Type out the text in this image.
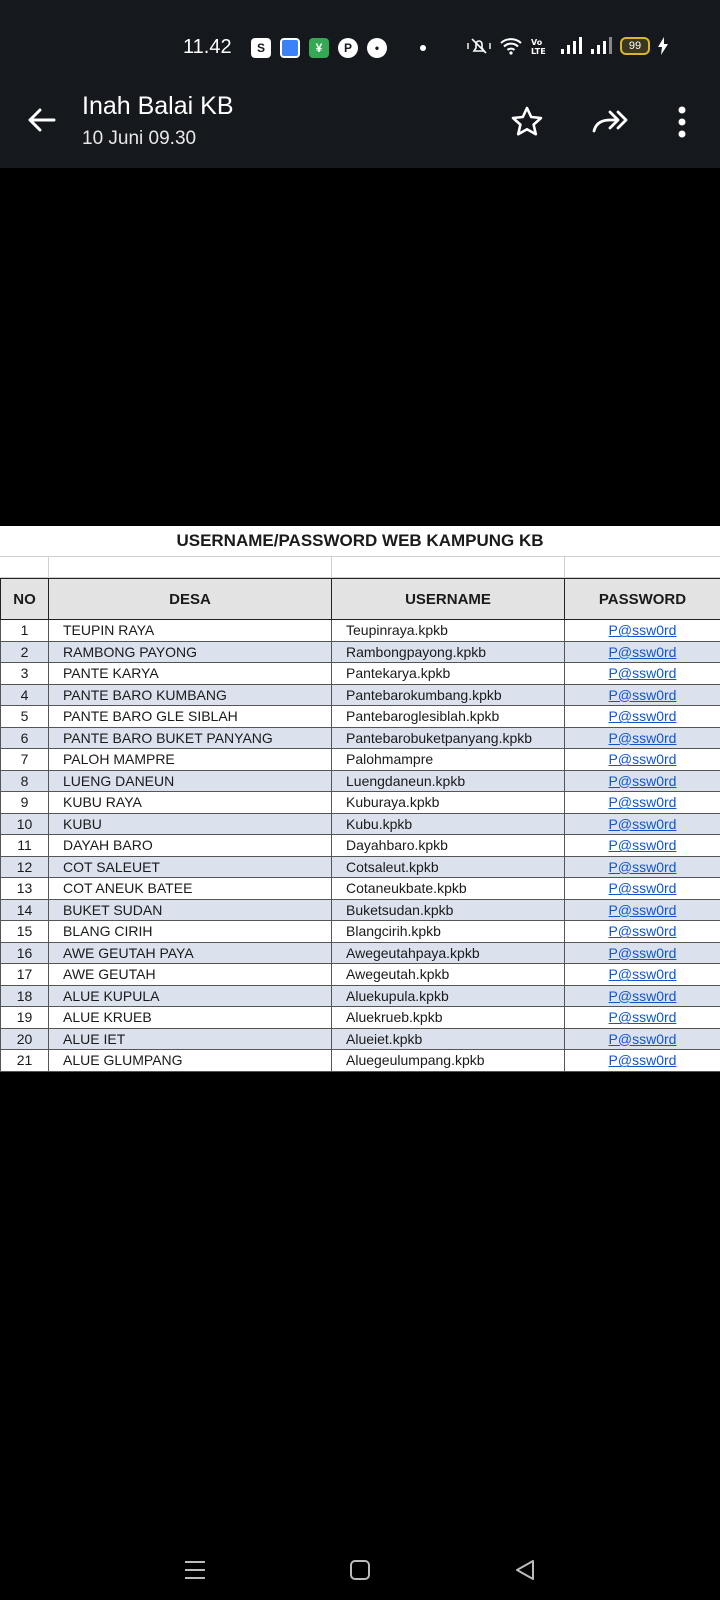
11.42	S	¥	P	•	Vo
LTE	99
Inah Balai KB
10 Juni 09.30
USERNAME/PASSWORD WEB KAMPUNG KB
NO	DESA	USERNAME	PASSWORD
1	TEUPIN RAYA	Teupinraya.kpkb	P@ssw0rd
2	RAMBONG PAYONG	Rambongpayong.kpkb	P@ssw0rd
3	PANTE KARYA	Pantekarya.kpkb	P@ssw0rd
4	PANTE BARO KUMBANG	Pantebarokumbang.kpkb	P@ssw0rd
5	PANTE BARO GLE SIBLAH	Pantebaroglesiblah.kpkb	P@ssw0rd
6	PANTE BARO BUKET PANYANG	Pantebarobuketpanyang.kpkb	P@ssw0rd
7	PALOH MAMPRE	Palohmampre	P@ssw0rd
8	LUENG DANEUN	Luengdaneun.kpkb	P@ssw0rd
9	KUBU RAYA	Kuburaya.kpkb	P@ssw0rd
10	KUBU	Kubu.kpkb	P@ssw0rd
11	DAYAH BARO	Dayahbaro.kpkb	P@ssw0rd
12	COT SALEUET	Cotsaleut.kpkb	P@ssw0rd
13	COT ANEUK BATEE	Cotaneukbate.kpkb	P@ssw0rd
14	BUKET SUDAN	Buketsudan.kpkb	P@ssw0rd
15	BLANG CIRIH	Blangcirih.kpkb	P@ssw0rd
16	AWE GEUTAH PAYA	Awegeutahpaya.kpkb	P@ssw0rd
17	AWE GEUTAH	Awegeutah.kpkb	P@ssw0rd
18	ALUE KUPULA	Aluekupula.kpkb	P@ssw0rd
19	ALUE KRUEB	Aluekrueb.kpkb	P@ssw0rd
20	ALUE IET	Alueiet.kpkb	P@ssw0rd
21	ALUE GLUMPANG	Aluegeulumpang.kpkb	P@ssw0rd
